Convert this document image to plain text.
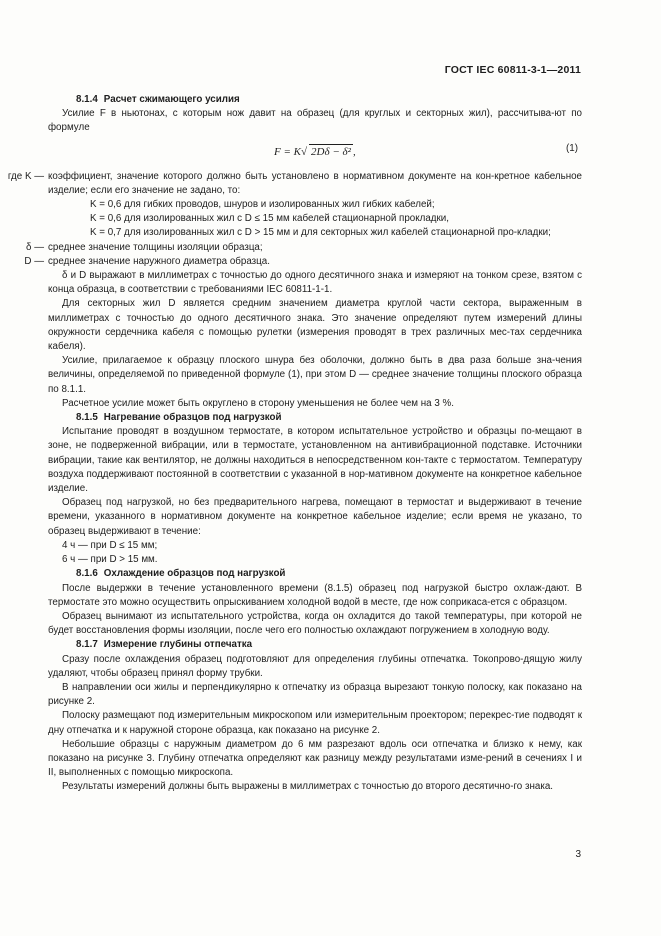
ГОСТ IEC 60811-3-1—2011

8.1.4 Расчет сжимающего усилия

Усилие F в ньютонах, с которым нож давит на образец (для круглых и секторных жил), рассчитыва-ют по формуле

F = K√ 2Dδ − δ² ,	(1)
где K — коэффициент, значение которого должно быть установлено в нормативном документе на кон-кретное кабельное изделие; если его значение не задано, то:

K = 0,6 для гибких проводов, шнуров и изолированных жил гибких кабелей;

K = 0,6 для изолированных жил с D ≤ 15 мм кабелей стационарной прокладки,

K = 0,7 для изолированных жил с D > 15 мм и для секторных жил кабелей стационарной про-кладки;

δ — среднее значение толщины изоляции образца;
D — среднее значение наружного диаметра образца.

δ и D выражают в миллиметрах с точностью до одного десятичного знака и измеряют на тонком срезе, взятом с конца образца, в соответствии с требованиями IEC 60811-1-1.

Для секторных жил D является средним значением диаметра круглой части сектора, выраженным в миллиметрах с точностью до одного десятичного знака. Это значение определяют путем измерений длины окружности сердечника кабеля с помощью рулетки (измерения проводят в трех различных мес-тах сердечника кабеля).

Усилие, прилагаемое к образцу плоского шнура без оболочки, должно быть в два раза больше зна-чения величины, определяемой по приведенной формуле (1), при этом D — среднее значение толщины плоского образца по 8.1.1.

Расчетное усилие может быть округлено в сторону уменьшения не более чем на 3 %.

8.1.5 Нагревание образцов под нагрузкой

Испытание проводят в воздушном термостате, в котором испытательное устройство и образцы по-мещают в зоне, не подверженной вибрации, или в термостате, установленном на антивибрационной подставке. Источники вибрации, такие как вентилятор, не должны находиться в непосредственном кон-такте с термостатом. Температуру воздуха поддерживают постоянной в соответствии с указанной в нор-мативном документе на конкретное кабельное изделие.

Образец под нагрузкой, но без предварительного нагрева, помещают в термостат и выдерживают в течение времени, указанного в нормативном документе на конкретное кабельное изделие; если время не указано, то образец выдерживают в течение:

4 ч — при D ≤ 15 мм;

6 ч — при D > 15 мм.

8.1.6 Охлаждение образцов под нагрузкой

После выдержки в течение установленного времени (8.1.5) образец под нагрузкой быстро охлаж-дают. В термостате это можно осуществить опрыскиванием холодной водой в месте, где нож соприкаса-ется с образцом.

Образец вынимают из испытательного устройства, когда он охладится до такой температуры, при которой не будет восстановления формы изоляции, после чего его полностью охлаждают погружением в холодную воду.

8.1.7 Измерение глубины отпечатка

Сразу после охлаждения образец подготовляют для определения глубины отпечатка. Токопрово-дящую жилу удаляют, чтобы образец принял форму трубки.

В направлении оси жилы и перпендикулярно к отпечатку из образца вырезают тонкую полоску, как показано на рисунке 2.

Полоску размещают под измерительным микроскопом или измерительным проектором; перекрес-тие подводят к дну отпечатка и к наружной стороне образца, как показано на рисунке 2.

Небольшие образцы с наружным диаметром до 6 мм разрезают вдоль оси отпечатка и близко к нему, как показано на рисунке 3. Глубину отпечатка определяют как разницу между результатами изме-рений в сечениях I и II, выполненных с помощью микроскопа.

Результаты измерений должны быть выражены в миллиметрах с точностью до второго десятично-го знака.

3
